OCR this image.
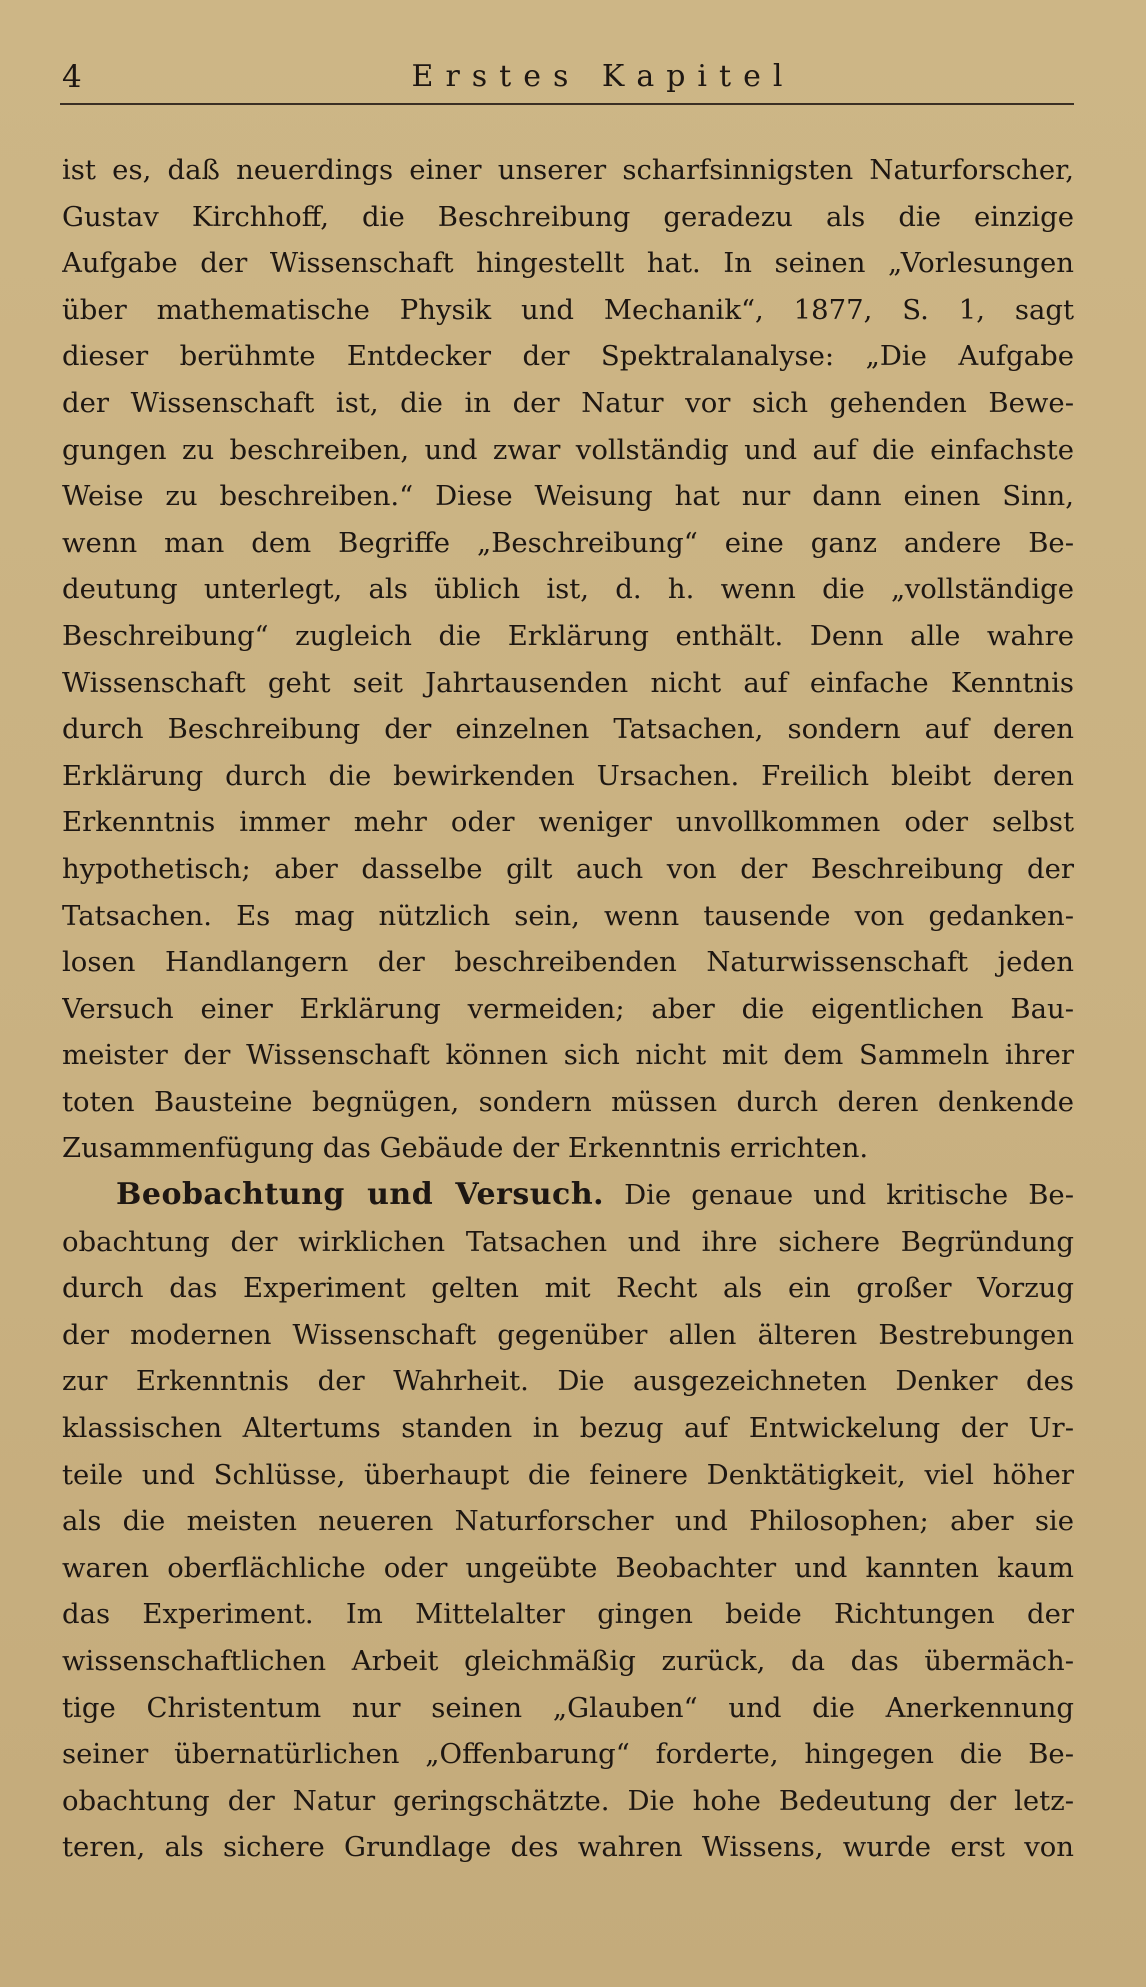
4	Erstes Kapitel
ist es, daß neuerdings einer unserer scharfsinnigsten Naturforscher,
Gustav Kirchhoff, die Beschreibung geradezu als die einzige
Aufgabe der Wissenschaft hingestellt hat. In seinen „Vorlesungen
über mathematische Physik und Mechanik“, 1877, S. 1, sagt
dieser berühmte Entdecker der Spektralanalyse: „Die Aufgabe
der Wissenschaft ist, die in der Natur vor sich gehenden Bewe-
gungen zu beschreiben, und zwar vollständig und auf die einfachste
Weise zu beschreiben.“ Diese Weisung hat nur dann einen Sinn,
wenn man dem Begriffe „Beschreibung“ eine ganz andere Be-
deutung unterlegt, als üblich ist, d. h. wenn die „vollständige
Beschreibung“ zugleich die Erklärung enthält. Denn alle wahre
Wissenschaft geht seit Jahrtausenden nicht auf einfache Kenntnis
durch Beschreibung der einzelnen Tatsachen, sondern auf deren
Erklärung durch die bewirkenden Ursachen. Freilich bleibt deren
Erkenntnis immer mehr oder weniger unvollkommen oder selbst
hypothetisch; aber dasselbe gilt auch von der Beschreibung der
Tatsachen. Es mag nützlich sein, wenn tausende von gedanken-
losen Handlangern der beschreibenden Naturwissenschaft jeden
Versuch einer Erklärung vermeiden; aber die eigentlichen Bau-
meister der Wissenschaft können sich nicht mit dem Sammeln ihrer
toten Bausteine begnügen, sondern müssen durch deren denkende
Zusammenfügung das Gebäude der Erkenntnis errichten.
Beobachtung und Versuch. Die genaue und kritische Be-
obachtung der wirklichen Tatsachen und ihre sichere Begründung
durch das Experiment gelten mit Recht als ein großer Vorzug
der modernen Wissenschaft gegenüber allen älteren Bestrebungen
zur Erkenntnis der Wahrheit. Die ausgezeichneten Denker des
klassischen Altertums standen in bezug auf Entwickelung der Ur-
teile und Schlüsse, überhaupt die feinere Denktätigkeit, viel höher
als die meisten neueren Naturforscher und Philosophen; aber sie
waren oberflächliche oder ungeübte Beobachter und kannten kaum
das Experiment. Im Mittelalter gingen beide Richtungen der
wissenschaftlichen Arbeit gleichmäßig zurück, da das übermäch-
tige Christentum nur seinen „Glauben“ und die Anerkennung
seiner übernatürlichen „Offenbarung“ forderte, hingegen die Be-
obachtung der Natur geringschätzte. Die hohe Bedeutung der letz-
teren, als sichere Grundlage des wahren Wissens, wurde erst von
